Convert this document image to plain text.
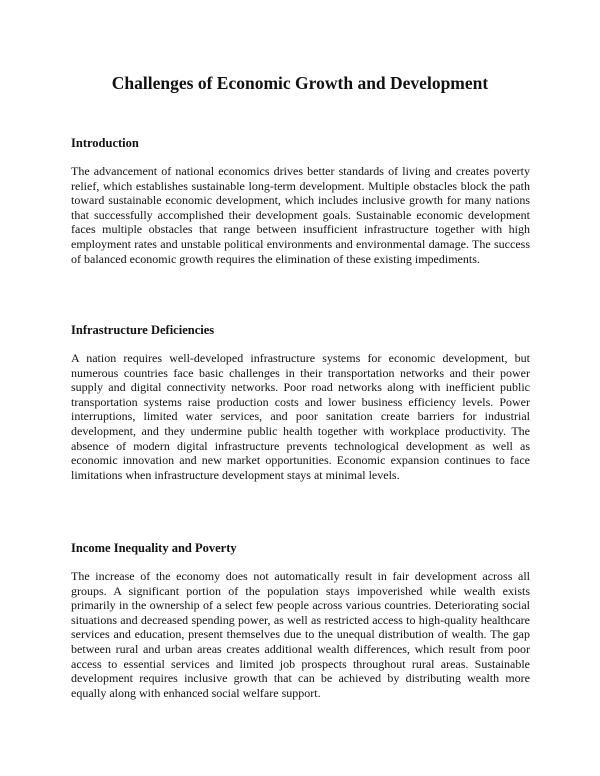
Challenges of Economic Growth and Development
Introduction

The advancement of national economics drives better standards of living and creates poverty relief, which establishes sustainable long-term development. Multiple obstacles block the path toward sustainable economic development, which includes inclusive growth for many nations that successfully accomplished their development goals. Sustainable economic development faces multiple obstacles that range between insufficient infrastructure together with high employment rates and unstable political environments and environmental damage. The success of balanced economic growth requires the elimination of these existing impediments.

Infrastructure Deficiencies

A nation requires well-developed infrastructure systems for economic development, but numerous countries face basic challenges in their transportation networks and their power supply and digital connectivity networks. Poor road networks along with inefficient public transportation systems raise production costs and lower business efficiency levels. Power interruptions, limited water services, and poor sanitation create barriers for industrial development, and they undermine public health together with workplace productivity. The absence of modern digital infrastructure prevents technological development as well as economic innovation and new market opportunities. Economic expansion continues to face limitations when infrastructure development stays at minimal levels.

Income Inequality and Poverty

The increase of the economy does not automatically result in fair development across all groups. A significant portion of the population stays impoverished while wealth exists primarily in the ownership of a select few people across various countries. Deteriorating social situations and decreased spending power, as well as restricted access to high-quality healthcare services and education, present themselves due to the unequal distribution of wealth. The gap between rural and urban areas creates additional wealth differences, which result from poor access to essential services and limited job prospects throughout rural areas. Sustainable development requires inclusive growth that can be achieved by distributing wealth more equally along with enhanced social welfare support.
